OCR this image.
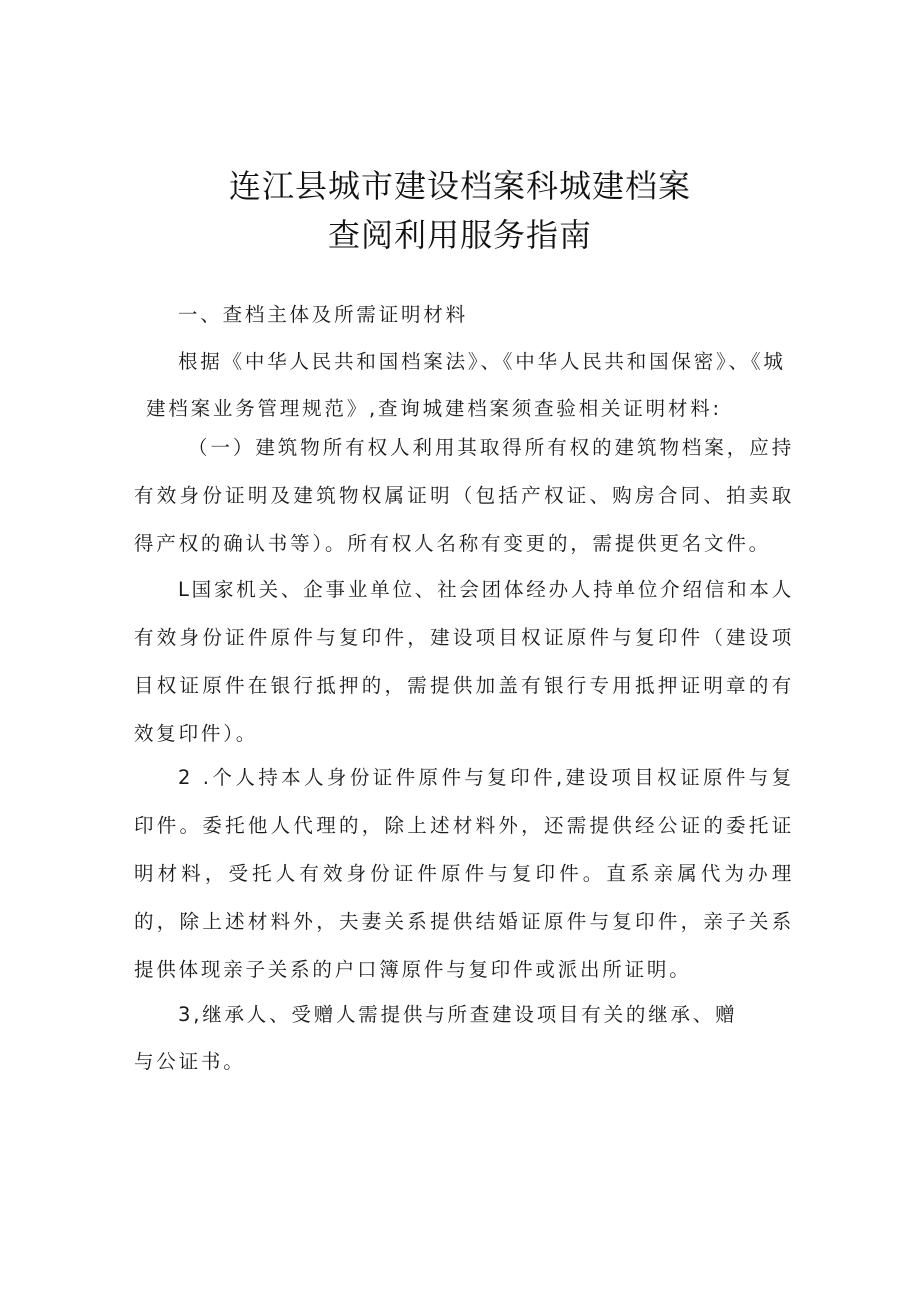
连江县城市建设档案科城建档案
查阅利用服务指南
一、查档主体及所需证明材料
根据《中华人民共和国档案法》、《中华人民共和国保密》、《城
建档案业务管理规范》,查询城建档案须查验相关证明材料:
（一）建筑物所有权人利用其取得所有权的建筑物档案，应持有效身份证明及建筑物权属证明（包括产权证、购房合同、拍卖取得产权的确认书等）。所有权人名称有变更的，需提供更名文件。
L国家机关、企事业单位、社会团体经办人持单位介绍信和本人有效身份证件原件与复印件，建设项目权证原件与复印件（建设项目权证原件在银行抵押的，需提供加盖有银行专用抵押证明章的有效复印件）。
2 .个人持本人身份证件原件与复印件,建设项目权证原件与复印件。委托他人代理的，除上述材料外，还需提供经公证的委托证明材料，受托人有效身份证件原件与复印件。直系亲属代为办理的，除上述材料外，夫妻关系提供结婚证原件与复印件，亲子关系提供体现亲子关系的户口簿原件与复印件或派出所证明。
3,继承人、受赠人需提供与所查建设项目有关的继承、赠
与公证书。
